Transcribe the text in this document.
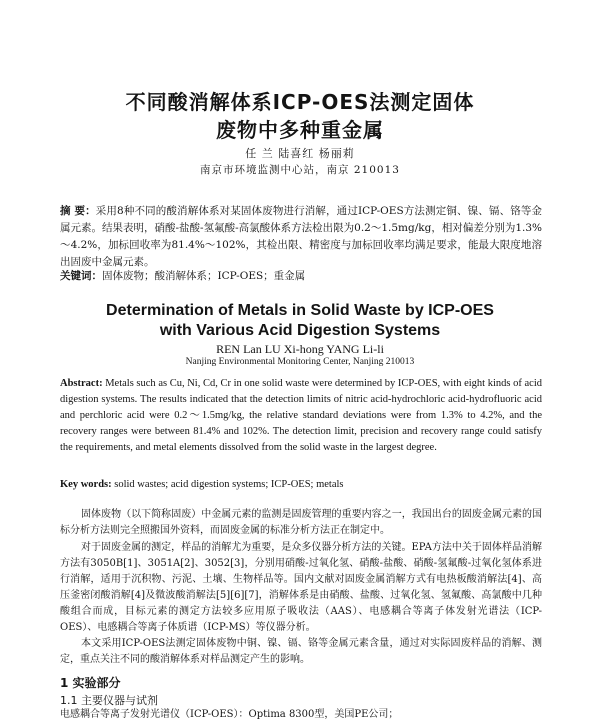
不同酸消解体系ICP-OES法测定固体
废物中多种重金属
任 兰 陆喜红 杨丽莉
南京市环境监测中心站，南京 210013
摘 要：采用8种不同的酸消解体系对某固体废物进行消解，通过ICP-OES方法测定铜、镍、镉、铬等金属元素。结果表明，硝酸-盐酸-氢氟酸-高氯酸体系方法检出限为0.2～1.5mg/kg，相对偏差分别为1.3%～4.2%，加标回收率为81.4%～102%，其检出限、精密度与加标回收率均满足要求，能最大限度地溶出固废中金属元素。
关键词：固体废物；酸消解体系；ICP-OES；重金属
Determination of Metals in Solid Waste by ICP-OES
with Various Acid Digestion Systems
REN Lan LU Xi-hong YANG Li-li
Nanjing Environmental Monitoring Center, Nanjing 210013
Abstract: Metals such as Cu, Ni, Cd, Cr in one solid waste were determined by ICP-OES, with eight kinds of acid digestion systems. The results indicated that the detection limits of nitric acid-hydrochloric acid-hydrofluoric acid and perchloric acid were 0.2～1.5mg/kg, the relative standard deviations were from 1.3% to 4.2%, and the recovery ranges were between 81.4% and 102%. The detection limit, precision and recovery range could satisfy the requirements, and metal elements dissolved from the solid waste in the largest degree.
Key words: solid wastes; acid digestion systems; ICP-OES; metals
固体废物（以下简称固废）中金属元素的监测是固废管理的重要内容之一，我国出台的固废金属元素的国标分析方法则完全照搬国外资料，而固废金属的标准分析方法正在制定中。
对于固废金属的测定，样品的消解尤为重要，是众多仪器分析方法的关键。EPA方法中关于固体样品消解方法有3050B[1]、3051A[2]、3052[3]，分别用硝酸-过氧化氢、硝酸-盐酸、硝酸-氢氟酸-过氧化氢体系进行消解，适用于沉积物、污泥、土壤、生物样品等。国内文献对固废金属消解方式有电热板酸消解法[4]、高压釜密闭酸消解[4]及微波酸消解法[5][6][7]，消解体系是由硝酸、盐酸、过氧化氢、氢氟酸、高氯酸中几种酸组合而成，目标元素的测定方法较多应用原子吸收法（AAS）、电感耦合等离子体发射光谱法（ICP-OES）、电感耦合等离子体质谱（ICP-MS）等仪器分析。
本文采用ICP-OES法测定固体废物中铜、镍、镉、铬等金属元素含量，通过对实际固废样品的消解、测定，重点关注不同的酸消解体系对样品测定产生的影响。
1 实验部分
1.1 主要仪器与试剂
电感耦合等离子发射光谱仪（ICP-OES）：Optima 8300型，美国PE公司；
